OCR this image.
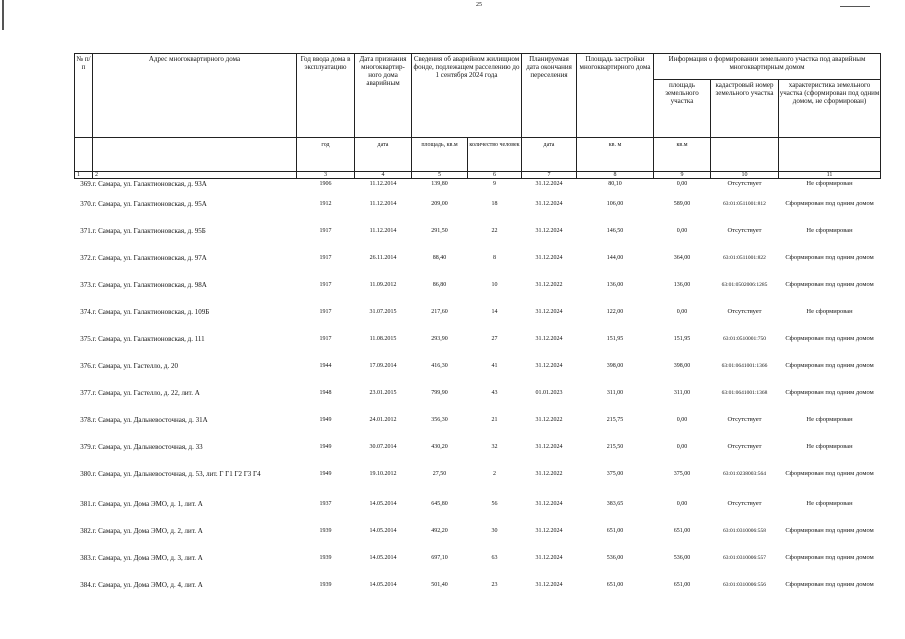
25
№ п/п	Адрес многоквартирного дома	Год ввода дома в эксплуатацию	Дата признания многоквартир-ного дома аварийным	Сведения об аварийном жилищном фонде, подлежащем расселению до 1 сентября 2024 года		Планируемая дата окончания переселения	Площадь застройки многоквартирного дома	Информация о формировании земельного участка под аварийным многоквартирным домом		
								площадь земельного участка	кадастровый номер земельного участка	характеристика земельного участка (сформирован под одним домом, не сформирован)
		год	дата	площадь, кв.м	количество человек	дата	кв. м	кв.м		
1	2	3	4	5	6	7	8	9	10	11
369.	г. Самара, ул. Галактионовская, д. 93А	1906	11.12.2014	139,80	9	31.12.2024	80,10	0,00	Отсутствует	Не сформирован
370.	г. Самара, ул. Галактионовская, д. 95А	1912	11.12.2014	209,00	18	31.12.2024	106,00	589,00	63:01:0511001:812	Сформирован под одним домом
371.	г. Самара, ул. Галактионовская, д. 95Б	1917	11.12.2014	291,50	22	31.12.2024	146,50	0,00	Отсутствует	Не сформирован
372.	г. Самара, ул. Галактионовская, д. 97А	1917	26.11.2014	88,40	8	31.12.2024	144,00	364,00	63:01:0511001:822	Сформирован под одним домом
373.	г. Самара, ул. Галактионовская, д. 98А	1917	11.09.2012	86,80	10	31.12.2022	136,00	136,00	63:01:0502006:1285	Сформирован под одним домом
374.	г. Самара, ул. Галактионовская, д. 109Б	1917	31.07.2015	217,60	14	31.12.2024	122,00	0,00	Отсутствует	Не сформирован
375.	г. Самара, ул. Галактионовская, д. 111	1917	11.08.2015	293,90	27	31.12.2024	151,95	151,95	63:01:0510001:750	Сформирован под одним домом
376.	г. Самара, ул. Гастелло, д. 20	1944	17.09.2014	416,30	41	31.12.2024	398,00	398,00	63:01:0641001:1366	Сформирован под одним домом
377.	г. Самара, ул. Гастелло, д. 22, лит. А	1948	23.01.2015	799,90	43	01.01.2023	311,00	311,00	63:01:0641001:1368	Сформирован под одним домом
378.	г. Самара, ул. Дальневосточная, д. 31А	1949	24.01.2012	356,30	21	31.12.2022	215,75	0,00	Отсутствует	Не сформирован
379.	г. Самара, ул. Дальневосточная, д. 33	1949	30.07.2014	430,20	32	31.12.2024	215,50	0,00	Отсутствует	Не сформирован
380.	г. Самара, ул. Дальневосточная, д. 53, лит. Г Г1 Г2 Г3 Г4	1949	19.10.2012	27,50	2	31.12.2022	375,00	375,00	63:01:0238003:564	Сформирован под одним домом
381.	г. Самара, ул. Дома ЭМО, д. 1, лит. А	1937	14.05.2014	645,80	56	31.12.2024	383,65	0,00	Отсутствует	Не сформирован
382.	г. Самара, ул. Дома ЭМО, д. 2, лит. А	1939	14.05.2014	492,20	30	31.12.2024	651,00	651,00	63:01:0310006:558	Сформирован под одним домом
383.	г. Самара, ул. Дома ЭМО, д. 3, лит. А	1939	14.05.2014	697,10	63	31.12.2024	536,00	536,00	63:01:0310006:557	Сформирован под одним домом
384.	г. Самара, ул. Дома ЭМО, д. 4, лит. А	1939	14.05.2014	501,40	23	31.12.2024	651,00	651,00	63:01:0310006:556	Сформирован под одним домом
